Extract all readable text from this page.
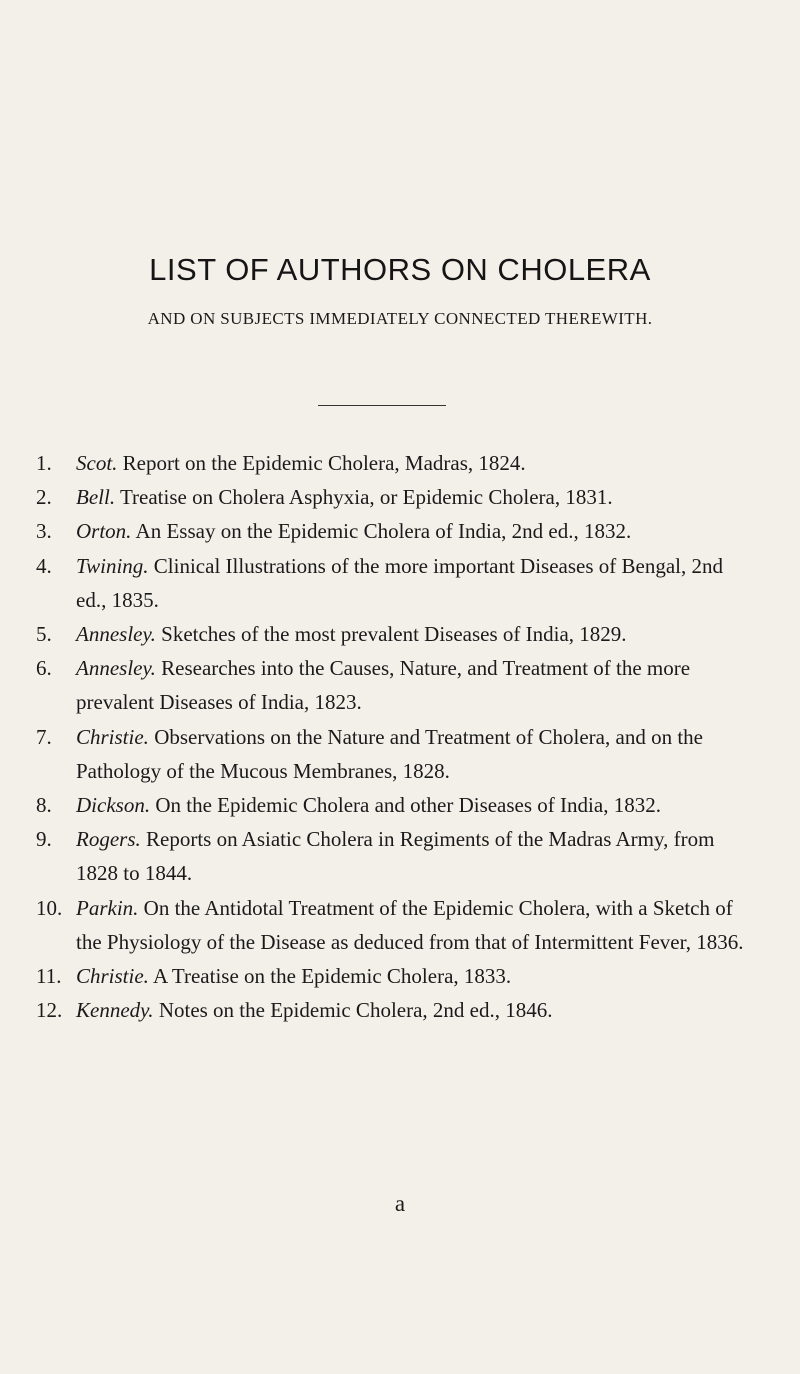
LIST OF AUTHORS ON CHOLERA
AND ON SUBJECTS IMMEDIATELY CONNECTED THEREWITH.
1. Scot. Report on the Epidemic Cholera, Madras, 1824.
2. Bell. Treatise on Cholera Asphyxia, or Epidemic Cholera, 1831.
3. Orton. An Essay on the Epidemic Cholera of India, 2nd ed., 1832.
4. Twining. Clinical Illustrations of the more important Diseases of Bengal, 2nd ed., 1835.
5. Annesley. Sketches of the most prevalent Diseases of India, 1829.
6. Annesley. Researches into the Causes, Nature, and Treatment of the more prevalent Diseases of India, 1823.
7. Christie. Observations on the Nature and Treatment of Cholera, and on the Pathology of the Mucous Membranes, 1828.
8. Dickson. On the Epidemic Cholera and other Diseases of India, 1832.
9. Rogers. Reports on Asiatic Cholera in Regiments of the Madras Army, from 1828 to 1844.
10. Parkin. On the Antidotal Treatment of the Epidemic Cholera, with a Sketch of the Physiology of the Disease as deduced from that of Intermittent Fever, 1836.
11. Christie. A Treatise on the Epidemic Cholera, 1833.
12. Kennedy. Notes on the Epidemic Cholera, 2nd ed., 1846.
a
